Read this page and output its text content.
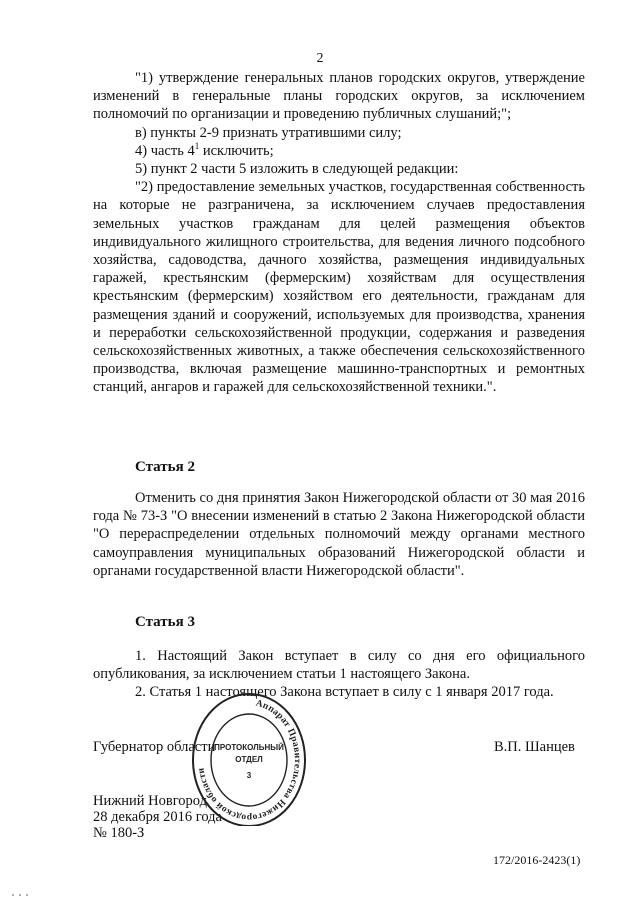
2

"1) утверждение генеральных планов городских округов, утверждение изменений в генеральные планы городских округов, за исключением полномочий по организации и проведению публичных слушаний;";

в) пункты 2-9 признать утратившими силу;

4) часть $4^1$ исключить;

5) пункт 2 части 5 изложить в следующей редакции:

"2) предоставление земельных участков, государственная собственность на которые не разграничена, за исключением случаев предоставления земельных участков гражданам для целей размещения объектов индивидуального жилищного строительства, для ведения личного подсобного хозяйства, садоводства, дачного хозяйства, размещения индивидуальных гаражей, крестьянским (фермерским) хозяйствам для осуществления крестьянским (фермерским) хозяйством его деятельности, гражданам для размещения зданий и сооружений, используемых для производства, хранения и переработки сельскохозяйственной продукции, содержания и разведения сельскохозяйственных животных, а также обеспечения сельскохозяйственного производства, включая размещение машинно-транспортных и ремонтных станций, ангаров и гаражей для сельскохозяйственной техники.".

Статья 2

Отменить со дня принятия Закон Нижегородской области от 30 мая 2016 года № 73-З "О внесении изменений в статью 2 Закона Нижегородской области "О перераспределении отдельных полномочий между органами местного самоуправления муниципальных образований Нижегородской области и органами государственной власти Нижегородской области".

Статья 3

1. Настоящий Закон вступает в силу со дня его официального опубликования, за исключением статьи 1 настоящего Закона.

2. Статья 1 настоящего Закона вступает в силу с 1 января 2017 года.

Губернатор области	В.П. Шанцев
Нижний Новгород
28 декабря 2016 года
№ 180-З
172/2016-2423(1)
Аппарат Правительства Нижегородской области
ПРОТОКОЛЬНЫЙ
ОТДЕЛ
3
